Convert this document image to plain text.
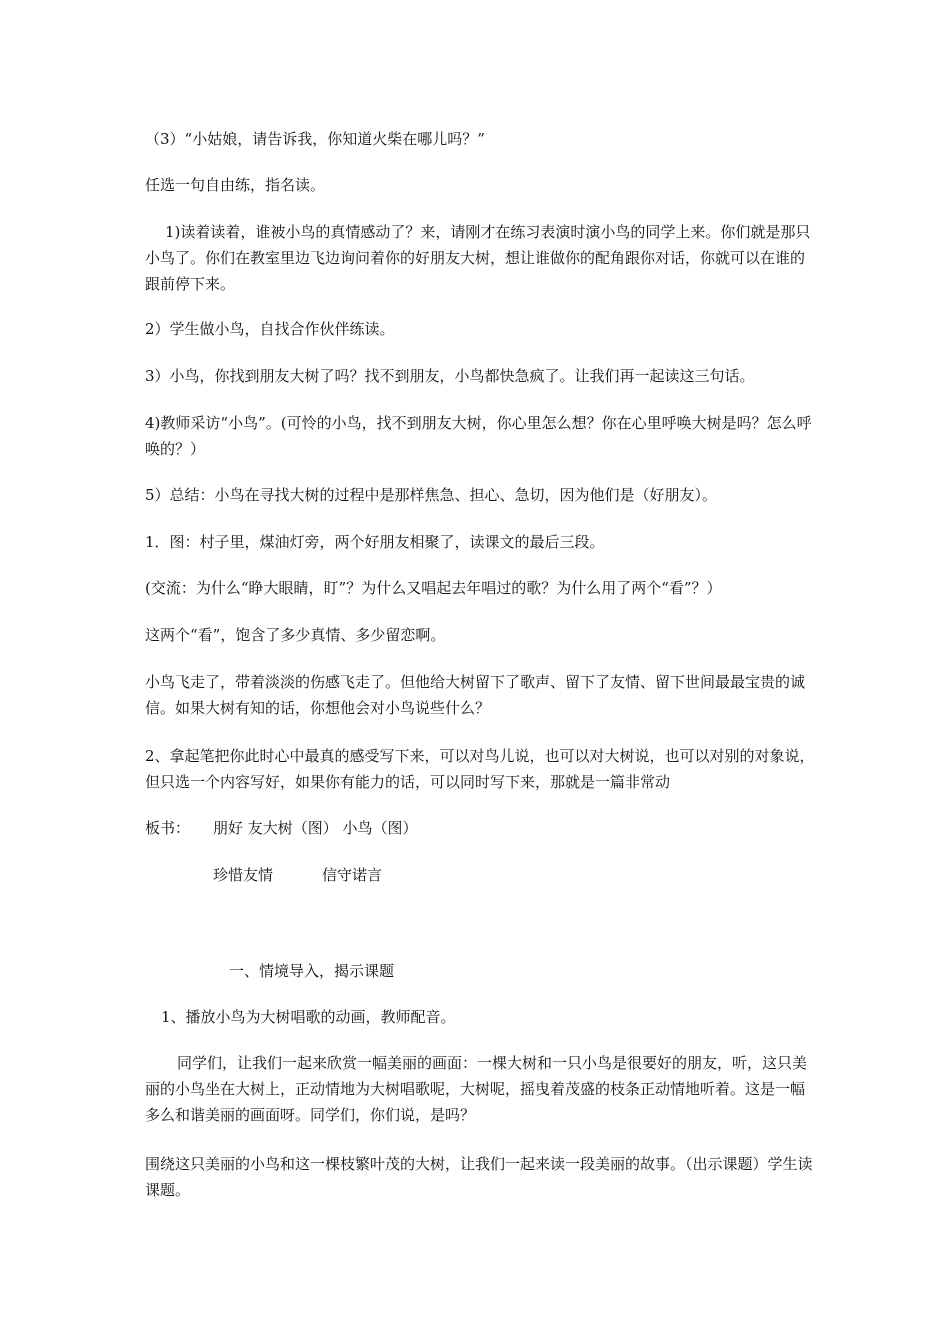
（3）“小姑娘，请告诉我，你知道火柴在哪儿吗？”
任选一句自由练，指名读。
1)读着读着，谁被小鸟的真情感动了？来，请刚才在练习表演时演小鸟的同学上来。你们就是那只小鸟了。你们在教室里边飞边询问着你的好朋友大树，想让谁做你的配角跟你对话，你就可以在谁的跟前停下来。
2）学生做小鸟，自找合作伙伴练读。
3）小鸟，你找到朋友大树了吗？找不到朋友，小鸟都快急疯了。让我们再一起读这三句话。
4)教师采访“小鸟”。(可怜的小鸟，找不到朋友大树，你心里怎么想？你在心里呼唤大树是吗？怎么呼唤的？）
5）总结：小鸟在寻找大树的过程中是那样焦急、担心、急切，因为他们是（好朋友）。
1．图：村子里，煤油灯旁，两个好朋友相聚了，读课文的最后三段。
(交流：为什么“睁大眼睛，盯”？为什么又唱起去年唱过的歌？为什么用了两个“看”？）
这两个“看”，饱含了多少真情、多少留恋啊。
小鸟飞走了，带着淡淡的伤感飞走了。但他给大树留下了歌声、留下了友情、留下世间最最宝贵的诚信。如果大树有知的话，你想他会对小鸟说些什么？
2、拿起笔把你此时心中最真的感受写下来，可以对鸟儿说，也可以对大树说，也可以对别的对象说，但只选一个内容写好，如果你有能力的话，可以同时写下来，那就是一篇非常动
板书： 朋好 友大树（图） 小鸟（图）
珍惜友情	信守诺言
一、情境导入，揭示课题
1、播放小鸟为大树唱歌的动画，教师配音。
同学们，让我们一起来欣赏一幅美丽的画面：一棵大树和一只小鸟是很要好的朋友，听，这只美丽的小鸟坐在大树上，正动情地为大树唱歌呢，大树呢，摇曳着茂盛的枝条正动情地听着。这是一幅多么和谐美丽的画面呀。同学们，你们说，是吗？
围绕这只美丽的小鸟和这一棵枝繁叶茂的大树，让我们一起来读一段美丽的故事。（出示课题）学生读课题。
